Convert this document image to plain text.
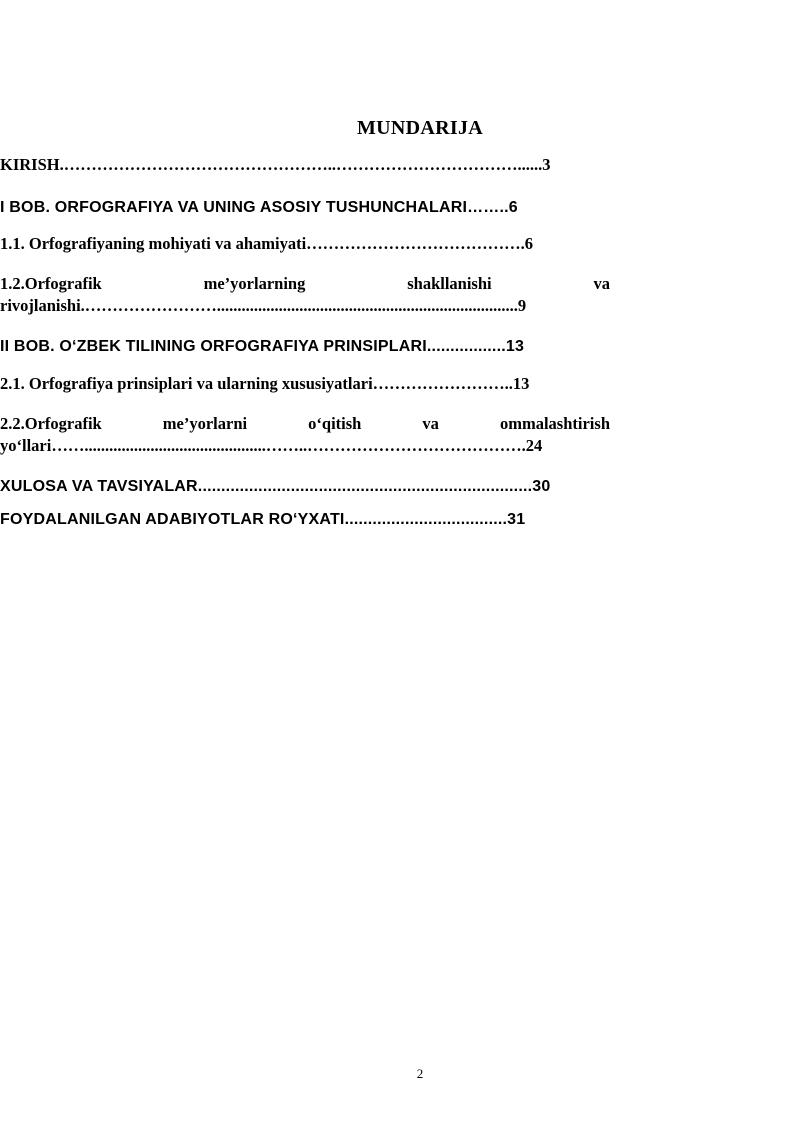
MUNDARIJA
KIRISH.…………………………………………..……………………………......3
I BOB. ORFOGRAFIYA VA UNING ASOSIY TUSHUNCHALARI……..6
1.1. Orfografiyaning mohiyati va ahamiyati………………………………….6
1.2.Orfografik	me’yorlarning	shakllanishi	va
rivojlanishi.…………………….........................................................................9
II BOB. O‘ZBEK TILINING ORFOGRAFIYA PRINSIPLARI.................13
2.1. Orfografiya prinsiplari va ularning xususiyatlari……………………..13
2.2.Orfografik	me’yorlarni	o‘qitish	va	ommalashtirish
yo‘llari……............................................……..………………………………….24
XULOSA VA TAVSIYALAR........................................................................30
FOYDALANILGAN ADABIYOTLAR RO‘YXATI...................................31
2
